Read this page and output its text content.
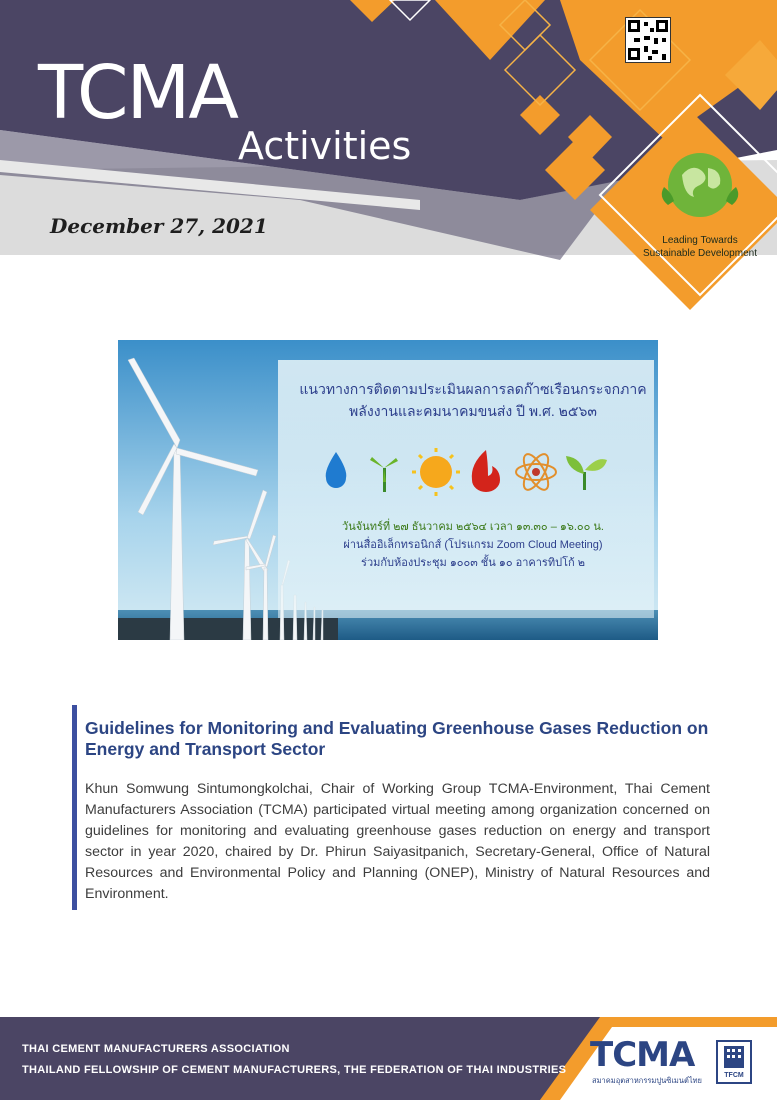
TCMA
Activities
December 27, 2021
Leading Towards
Sustainable Development
แนวทางการติดตามประเมินผลการลดก๊าซเรือนกระจกภาค
พลังงานและคมนาคมขนส่ง ปี พ.ศ. ๒๕๖๓
วันจันทร์ที่ ๒๗ ธันวาคม ๒๕๖๔ เวลา ๑๓.๓๐ – ๑๖.๐๐ น.
ผ่านสื่ออิเล็กทรอนิกส์ (โปรแกรม Zoom Cloud Meeting)
ร่วมกับห้องประชุม ๑๐๐๓ ชั้น ๑๐ อาคารทิปโก้ ๒
Guidelines for Monitoring and Evaluating Greenhouse Gases Reduction on Energy and Transport Sector
Khun Somwung Sintumongkolchai, Chair of Working Group TCMA-Environment, Thai Cement Manufacturers Association (TCMA) participated virtual meeting among organization concerned on guidelines for monitoring and evaluating greenhouse gases reduction on energy and transport sector in year 2020, chaired by Dr. Phirun Saiyasitpanich, Secretary-General, Office of Natural Resources and Environmental Policy and Planning (ONEP), Ministry of Natural Resources and Environment.
THAI CEMENT MANUFACTURERS ASSOCIATION
THAILAND FELLOWSHIP OF CEMENT MANUFACTURERS, THE FEDERATION OF THAI INDUSTRIES TCMA
สมาคมอุตสาหกรรมปูนซิเมนต์ไทย
TFCM
